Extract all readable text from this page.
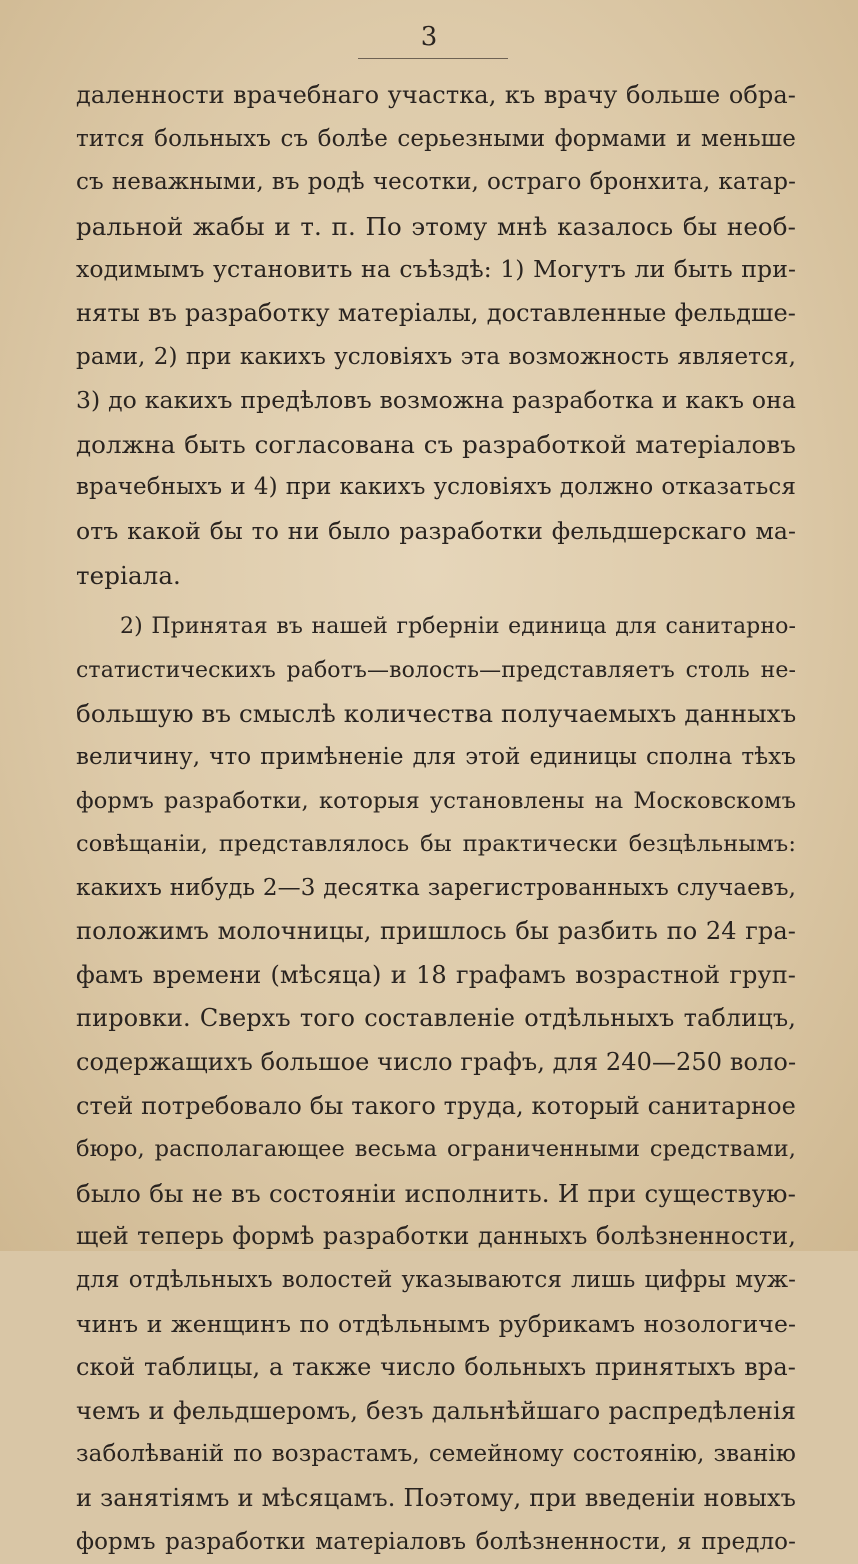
3
даленности врачебнаго участка, къ врачу больше обра-
тится больныхъ съ болѣе серьезными формами и меньше
съ неважными, въ родѣ чесотки, остраго бронхита, катар-
ральной жабы и т. п. По этому мнѣ казалось бы необ-
ходимымъ установить на съѣздѣ: 1) Могутъ ли быть при-
няты въ разработку матеріалы, доставленные фельдше-
рами, 2) при какихъ условіяхъ эта возможность является,
3) до какихъ предѣловъ возможна разработка и какъ она
должна быть согласована съ разработкой матеріаловъ
врачебныхъ и 4) при какихъ условіяхъ должно отказаться
отъ какой бы то ни было разработки фельдшерскаго ма-
теріала.
2) Принятая въ нашей грберніи единица для санитарно-
статистическихъ работъ—волость—представляетъ столь не-
большую въ смыслѣ количества получаемыхъ данныхъ
величину, что примѣненіе для этой единицы сполна тѣхъ
формъ разработки, которыя установлены на Московскомъ
совѣщаніи, представлялось бы практически безцѣльнымъ:
какихъ нибудь 2—3 десятка зарегистрованныхъ случаевъ,
положимъ молочницы, пришлось бы разбить по 24 гра-
фамъ времени (мѣсяца) и 18 графамъ возрастной груп-
пировки. Сверхъ того составленіе отдѣльныхъ таблицъ,
содержащихъ большое число графъ, для 240—250 воло-
стей потребовало бы такого труда, который санитарное
бюро, располагающее весьма ограниченными средствами,
было бы не въ состояніи исполнить. И при существую-
щей теперь формѣ разработки данныхъ болѣзненности,
для отдѣльныхъ волостей указываются лишь цифры муж-
чинъ и женщинъ по отдѣльнымъ рубрикамъ нозологиче-
ской таблицы, а также число больныхъ принятыхъ вра-
чемъ и фельдшеромъ, безъ дальнѣйшаго распредѣленія
заболѣваній по возрастамъ, семейному состоянію, званію
и занятіямъ и мѣсяцамъ. Поэтому, при введеніи новыхъ
формъ разработки матеріаловъ болѣзненности, я предло-
